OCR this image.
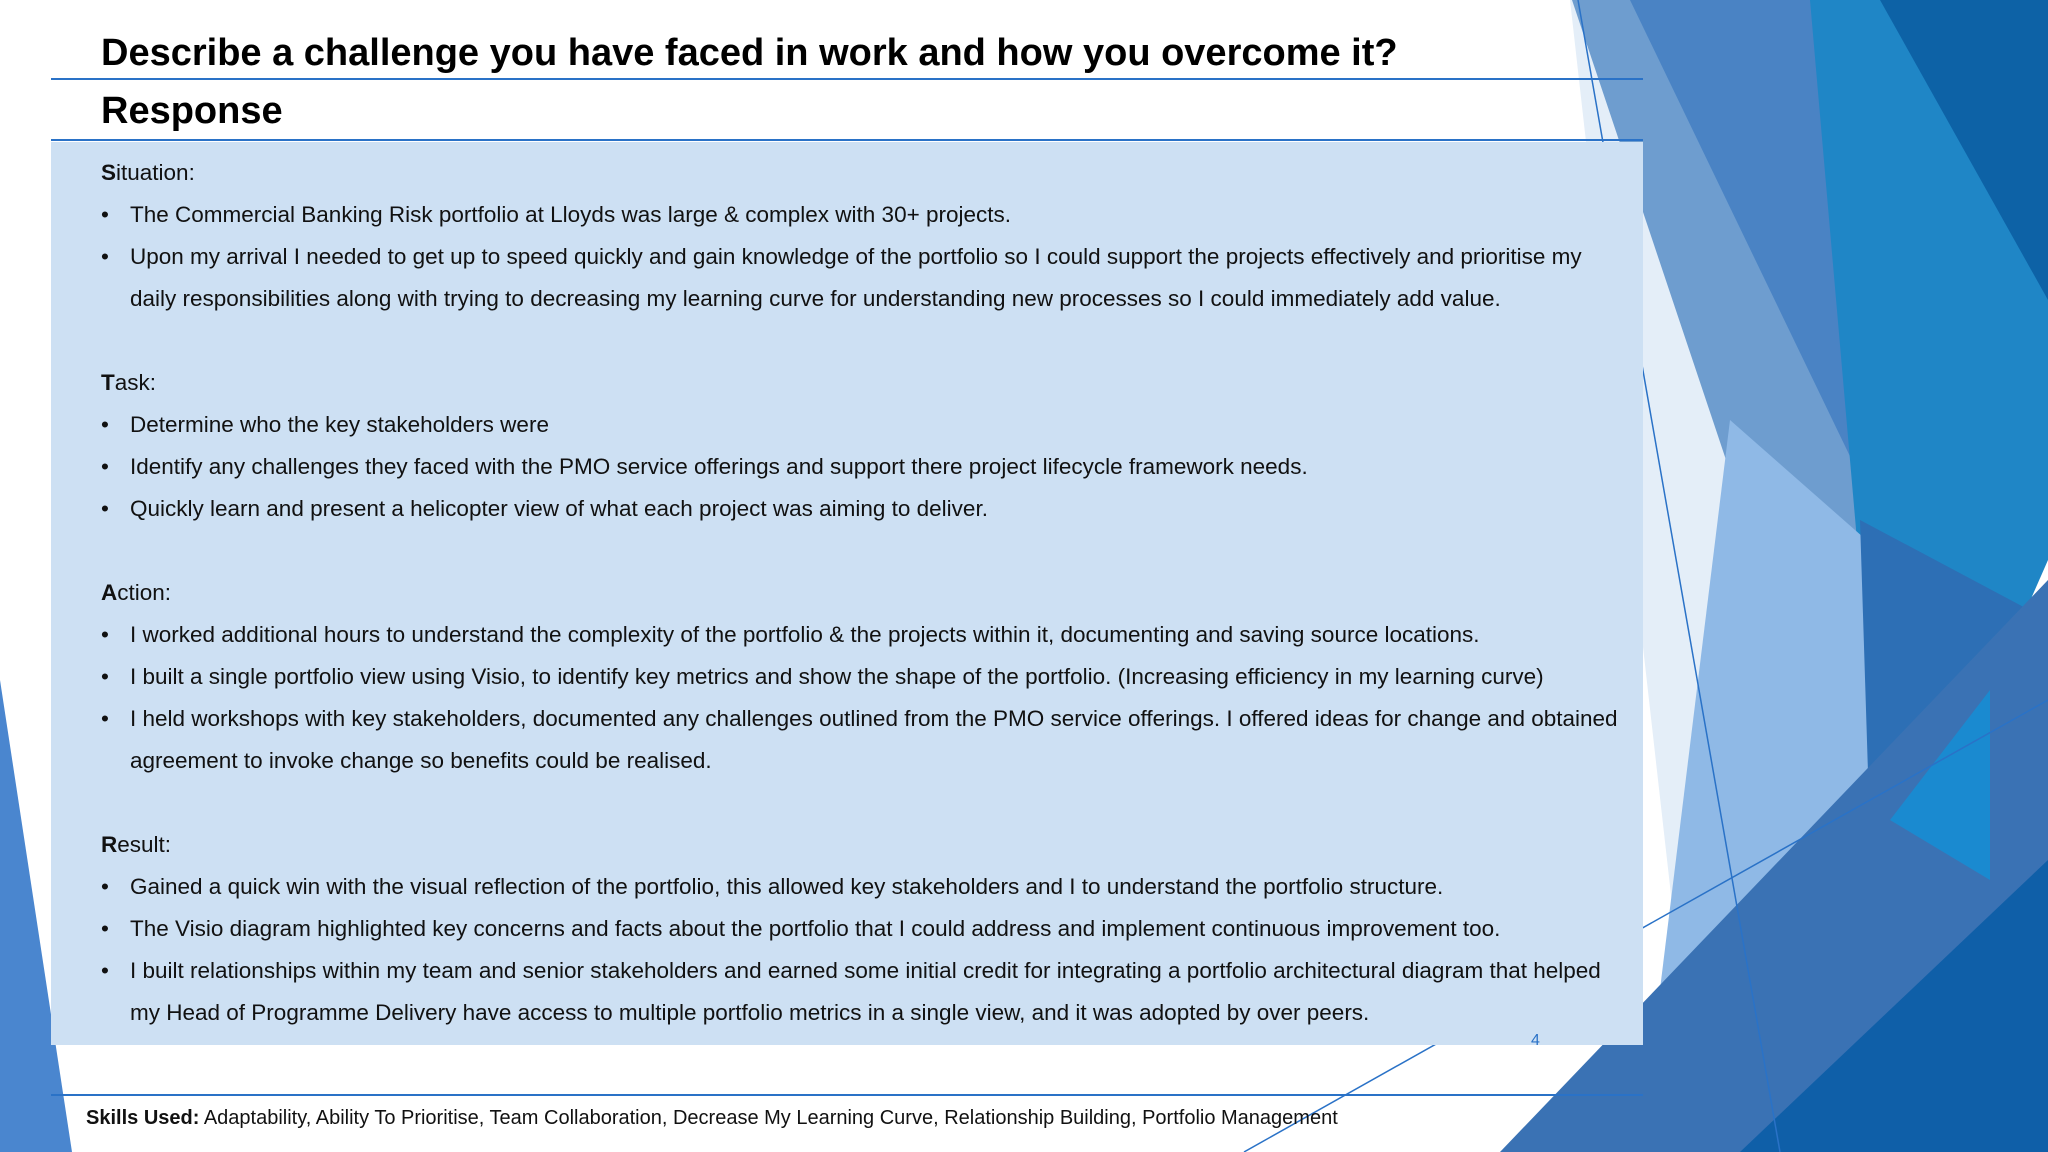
Describe a challenge you have faced in work and how you overcome it?
Response
Situation:
• The Commercial Banking Risk portfolio at Lloyds was large & complex with 30+ projects.
• Upon my arrival I needed to get up to speed quickly and gain knowledge of the portfolio so I could support the projects effectively and prioritise my daily responsibilities along with trying to decreasing my learning curve for understanding new processes so I could immediately add value.
Task:
• Determine who the key stakeholders were
• Identify any challenges they faced with the PMO service offerings and support there project lifecycle framework needs.
• Quickly learn and present a helicopter view of what each project was aiming to deliver.
Action:
• I worked additional hours to understand the complexity of the portfolio & the projects within it, documenting and saving source locations.
• I built a single portfolio view using Visio, to identify key metrics and show the shape of the portfolio. (Increasing efficiency in my learning curve)
• I held workshops with key stakeholders, documented any challenges outlined from the PMO service offerings. I offered ideas for change and obtained agreement to invoke change so benefits could be realised.
Result:
• Gained a quick win with the visual reflection of the portfolio, this allowed key stakeholders and I to understand the portfolio structure.
• The Visio diagram highlighted key concerns and facts about the portfolio that I could address and implement continuous improvement too.
• I built relationships within my team and senior stakeholders and earned some initial credit for integrating a portfolio architectural diagram that helped my Head of Programme Delivery have access to multiple portfolio metrics in a single view, and it was adopted by over peers.
4
Skills Used: Adaptability, Ability To Prioritise, Team Collaboration, Decrease My Learning Curve, Relationship Building, Portfolio Management
